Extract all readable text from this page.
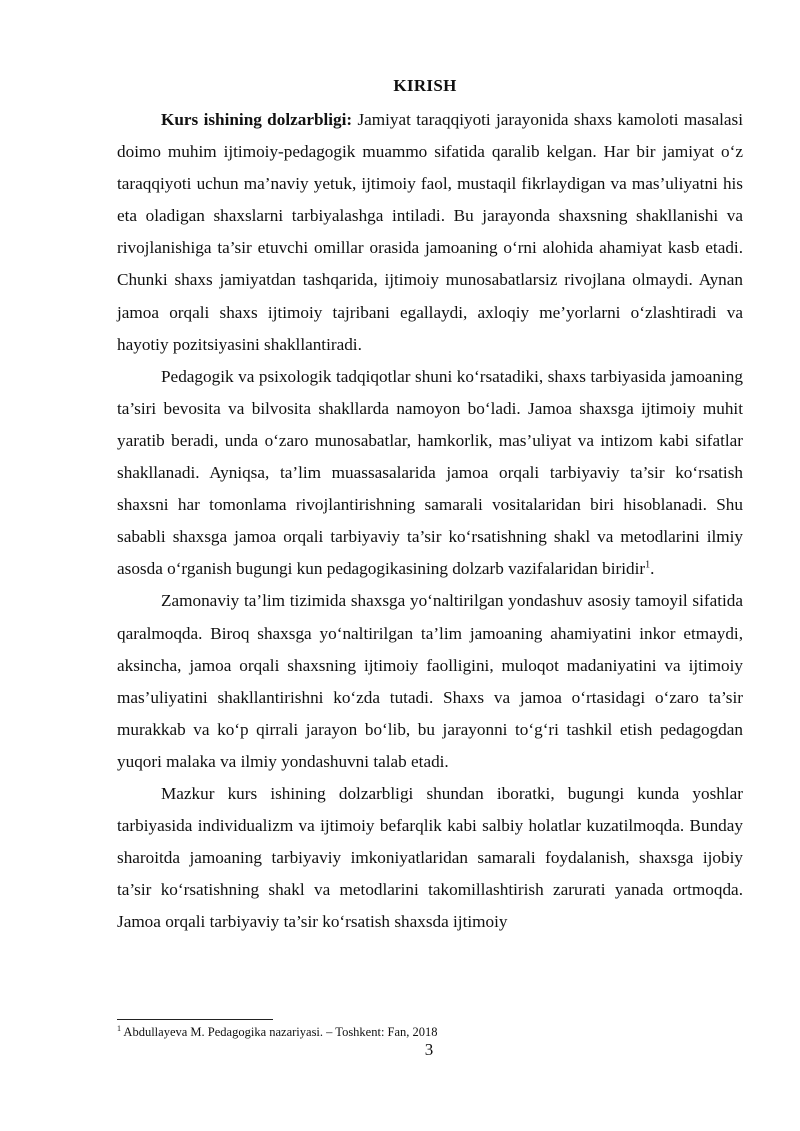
KIRISH

Kurs ishining dolzarbligi: Jamiyat taraqqiyoti jarayonida shaxs kamoloti masalasi doimo muhim ijtimoiy-pedagogik muammo sifatida qaralib kelgan. Har bir jamiyat o‘z taraqqiyoti uchun ma’naviy yetuk, ijtimoiy faol, mustaqil fikrlaydigan va mas’uliyatni his eta oladigan shaxslarni tarbiyalashga intiladi. Bu jarayonda shaxsning shakllanishi va rivojlanishiga ta’sir etuvchi omillar orasida jamoaning o‘rni alohida ahamiyat kasb etadi. Chunki shaxs jamiyatdan tashqarida, ijtimoiy munosabatlarsiz rivojlana olmaydi. Aynan jamoa orqali shaxs ijtimoiy tajribani egallaydi, axloqiy me’yorlarni o‘zlashtiradi va hayotiy pozitsiyasini shakllantiradi.

Pedagogik va psixologik tadqiqotlar shuni ko‘rsatadiki, shaxs tarbiyasida jamoaning ta’siri bevosita va bilvosita shakllarda namoyon bo‘ladi. Jamoa shaxsga ijtimoiy muhit yaratib beradi, unda o‘zaro munosabatlar, hamkorlik, mas’uliyat va intizom kabi sifatlar shakllanadi. Ayniqsa, ta’lim muassasalarida jamoa orqali tarbiyaviy ta’sir ko‘rsatish shaxsni har tomonlama rivojlantirishning samarali vositalaridan biri hisoblanadi. Shu sababli shaxsga jamoa orqali tarbiyaviy ta’sir ko‘rsatishning shakl va metodlarini ilmiy asosda o‘rganish bugungi kun pedagogikasining dolzarb vazifalaridan biridir$^1$.

Zamonaviy ta’lim tizimida shaxsga yo‘naltirilgan yondashuv asosiy tamoyil sifatida qaralmoqda. Biroq shaxsga yo‘naltirilgan ta’lim jamoaning ahamiyatini inkor etmaydi, aksincha, jamoa orqali shaxsning ijtimoiy faolligini, muloqot madaniyatini va ijtimoiy mas’uliyatini shakllantirishni ko‘zda tutadi. Shaxs va jamoa o‘rtasidagi o‘zaro ta’sir murakkab va ko‘p qirrali jarayon bo‘lib, bu jarayonni to‘g‘ri tashkil etish pedagogdan yuqori malaka va ilmiy yondashuvni talab etadi.

Mazkur kurs ishining dolzarbligi shundan iboratki, bugungi kunda yoshlar tarbiyasida individualizm va ijtimoiy befarqlik kabi salbiy holatlar kuzatilmoqda. Bunday sharoitda jamoaning tarbiyaviy imkoniyatlaridan samarali foydalanish, shaxsga ijobiy ta’sir ko‘rsatishning shakl va metodlarini takomillashtirish zarurati yanada ortmoqda. Jamoa orqali tarbiyaviy ta’sir ko‘rsatish shaxsda ijtimoiy

$^1$ Abdullayeva M. Pedagogika nazariyasi. – Toshkent: Fan, 2018
3
